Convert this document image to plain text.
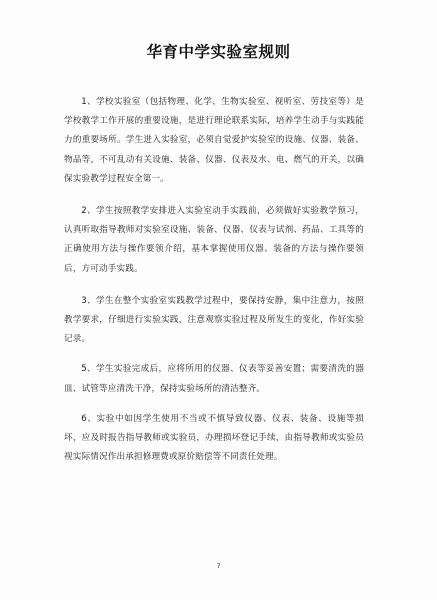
华育中学实验室规则

1、学校实验室（包括物理、化学、生物实验室、视听室、劳技室等）是学校教学工作开展的重要设施，是进行理论联系实际，培养学生动手与实践能力的重要场所。学生进入实验室，必须自觉爱护实验室的设施、仪器、装备、物品等，不可乱动有关设施、装备、仪器、仪表及水、电、燃气的开关，以确保实验教学过程安全第一。

2、学生按照教学安排进入实验室动手实践前，必须做好实验教学预习，认真听取指导教师对实验室设施、装备、仪器、仪表与试剂、药品、工具等的正确使用方法与操作要领介绍，基本掌握使用仪器、装备的方法与操作要领后，方可动手实践。

3、学生在整个实验室实践教学过程中，要保持安静，集中注意力，按照教学要求，仔细进行实验实践，注意观察实验过程及所发生的变化，作好实验记录。

5、学生实验完成后，应将所用的仪器、仪表等妥善安置；需要清洗的器皿、试管等应清洗干净，保持实验场所的清洁整齐。

6、实验中如因学生使用不当或不慎导致仪器、仪表、装备、设施等损坏，应及时报告指导教师或实验员，办理损坏登记手续，由指导教师或实验员视实际情况作出承担修理费或原价赔偿等不同责任处理。

7
